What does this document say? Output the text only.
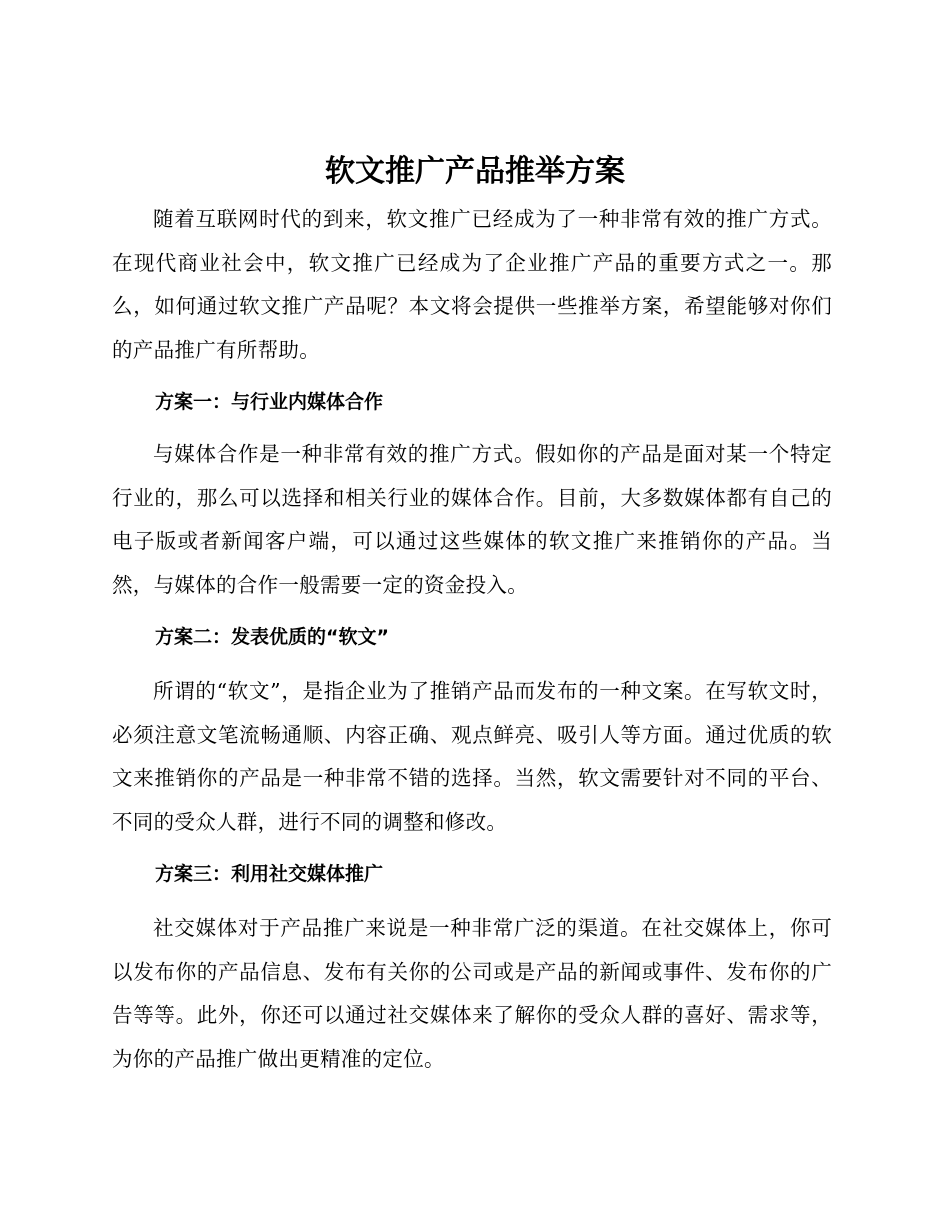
软文推广产品推举方案

随着互联网时代的到来，软文推广已经成为了一种非常有效的推广方式。在现代商业社会中，软文推广已经成为了企业推广产品的重要方式之一。那么，如何通过软文推广产品呢？本文将会提供一些推举方案，希望能够对你们的产品推广有所帮助。

方案一：与行业内媒体合作

与媒体合作是一种非常有效的推广方式。假如你的产品是面对某一个特定行业的，那么可以选择和相关行业的媒体合作。目前，大多数媒体都有自己的电子版或者新闻客户端，可以通过这些媒体的软文推广来推销你的产品。当然，与媒体的合作一般需要一定的资金投入。

方案二：发表优质的“软文”

所谓的“软文”，是指企业为了推销产品而发布的一种文案。在写软文时，必须注意文笔流畅通顺、内容正确、观点鲜亮、吸引人等方面。通过优质的软文来推销你的产品是一种非常不错的选择。当然，软文需要针对不同的平台、不同的受众人群，进行不同的调整和修改。

方案三：利用社交媒体推广

社交媒体对于产品推广来说是一种非常广泛的渠道。在社交媒体上，你可以发布你的产品信息、发布有关你的公司或是产品的新闻或事件、发布你的广告等等。此外，你还可以通过社交媒体来了解你的受众人群的喜好、需求等，为你的产品推广做出更精准的定位。
